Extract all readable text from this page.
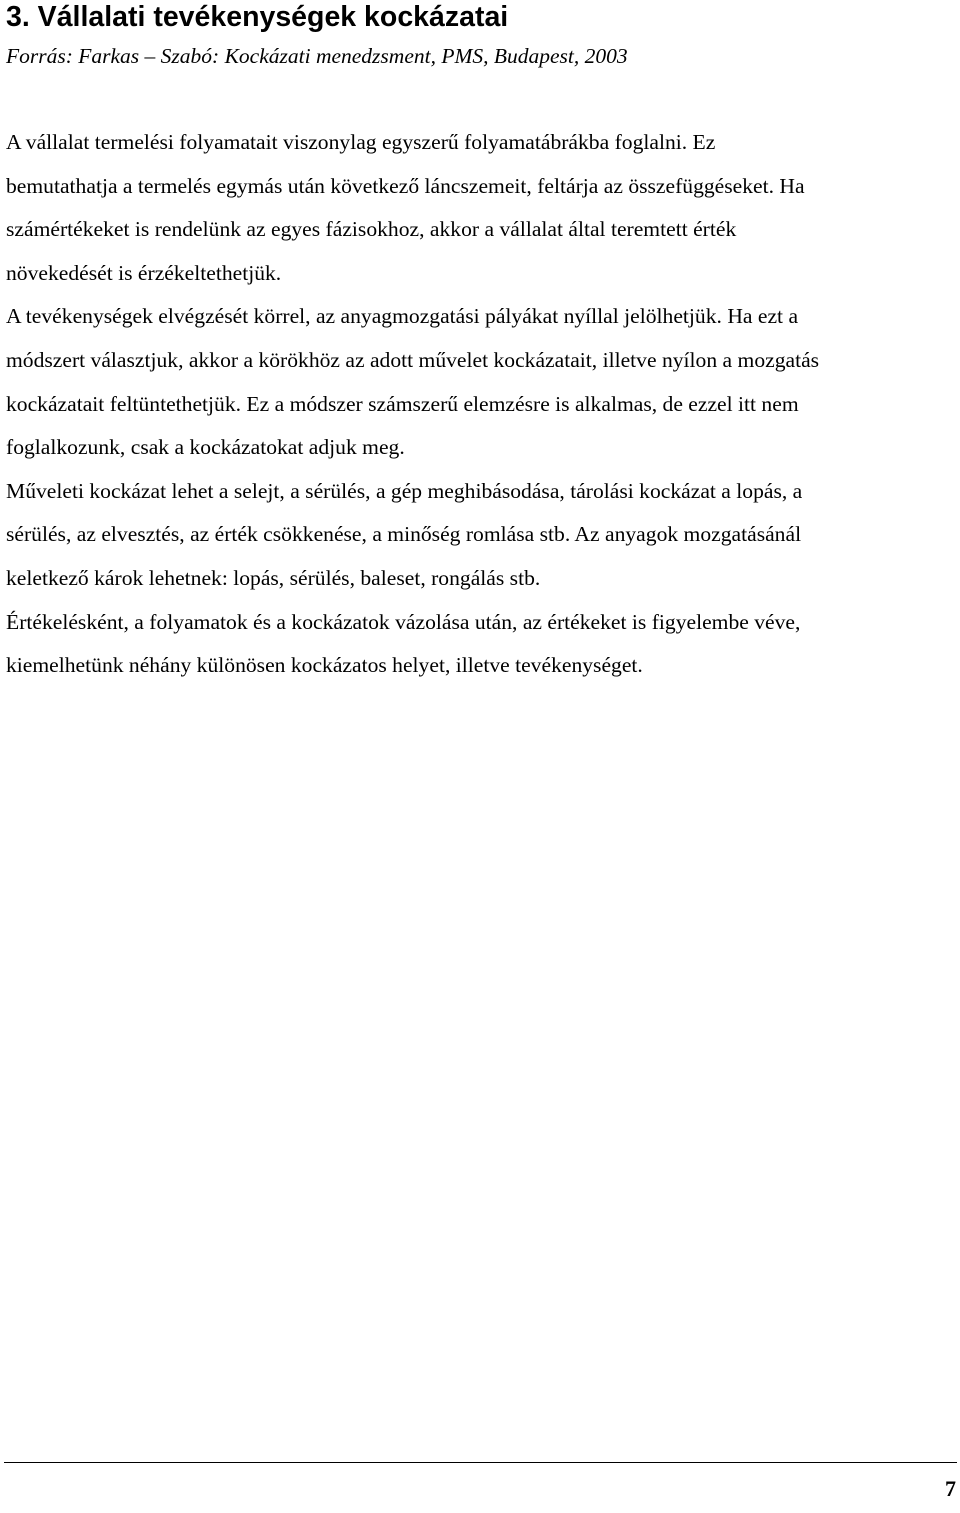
3. Vállalati tevékenységek kockázatai

Forrás: Farkas – Szabó: Kockázati menedzsment, PMS, Budapest, 2003

A vállalat termelési folyamatait viszonylag egyszerű folyamatábrákba foglalni. Ez
bemutathatja a termelés egymás után következő láncszemeit, feltárja az összefüggéseket. Ha
számértékeket is rendelünk az egyes fázisokhoz, akkor a vállalat által teremtett érték
növekedését is érzékeltethetjük.
A tevékenységek elvégzését körrel, az anyagmozgatási pályákat nyíllal jelölhetjük. Ha ezt a
módszert választjuk, akkor a körökhöz az adott művelet kockázatait, illetve nyílon a mozgatás
kockázatait feltüntethetjük. Ez a módszer számszerű elemzésre is alkalmas, de ezzel itt nem
foglalkozunk, csak a kockázatokat adjuk meg.
Műveleti kockázat lehet a selejt, a sérülés, a gép meghibásodása, tárolási kockázat a lopás, a
sérülés, az elvesztés, az érték csökkenése, a minőség romlása stb. Az anyagok mozgatásánál
keletkező károk lehetnek: lopás, sérülés, baleset, rongálás stb.
Értékelésként, a folyamatok és a kockázatok vázolása után, az értékeket is figyelembe véve,
kiemelhetünk néhány különösen kockázatos helyet, illetve tevékenységet.
7
